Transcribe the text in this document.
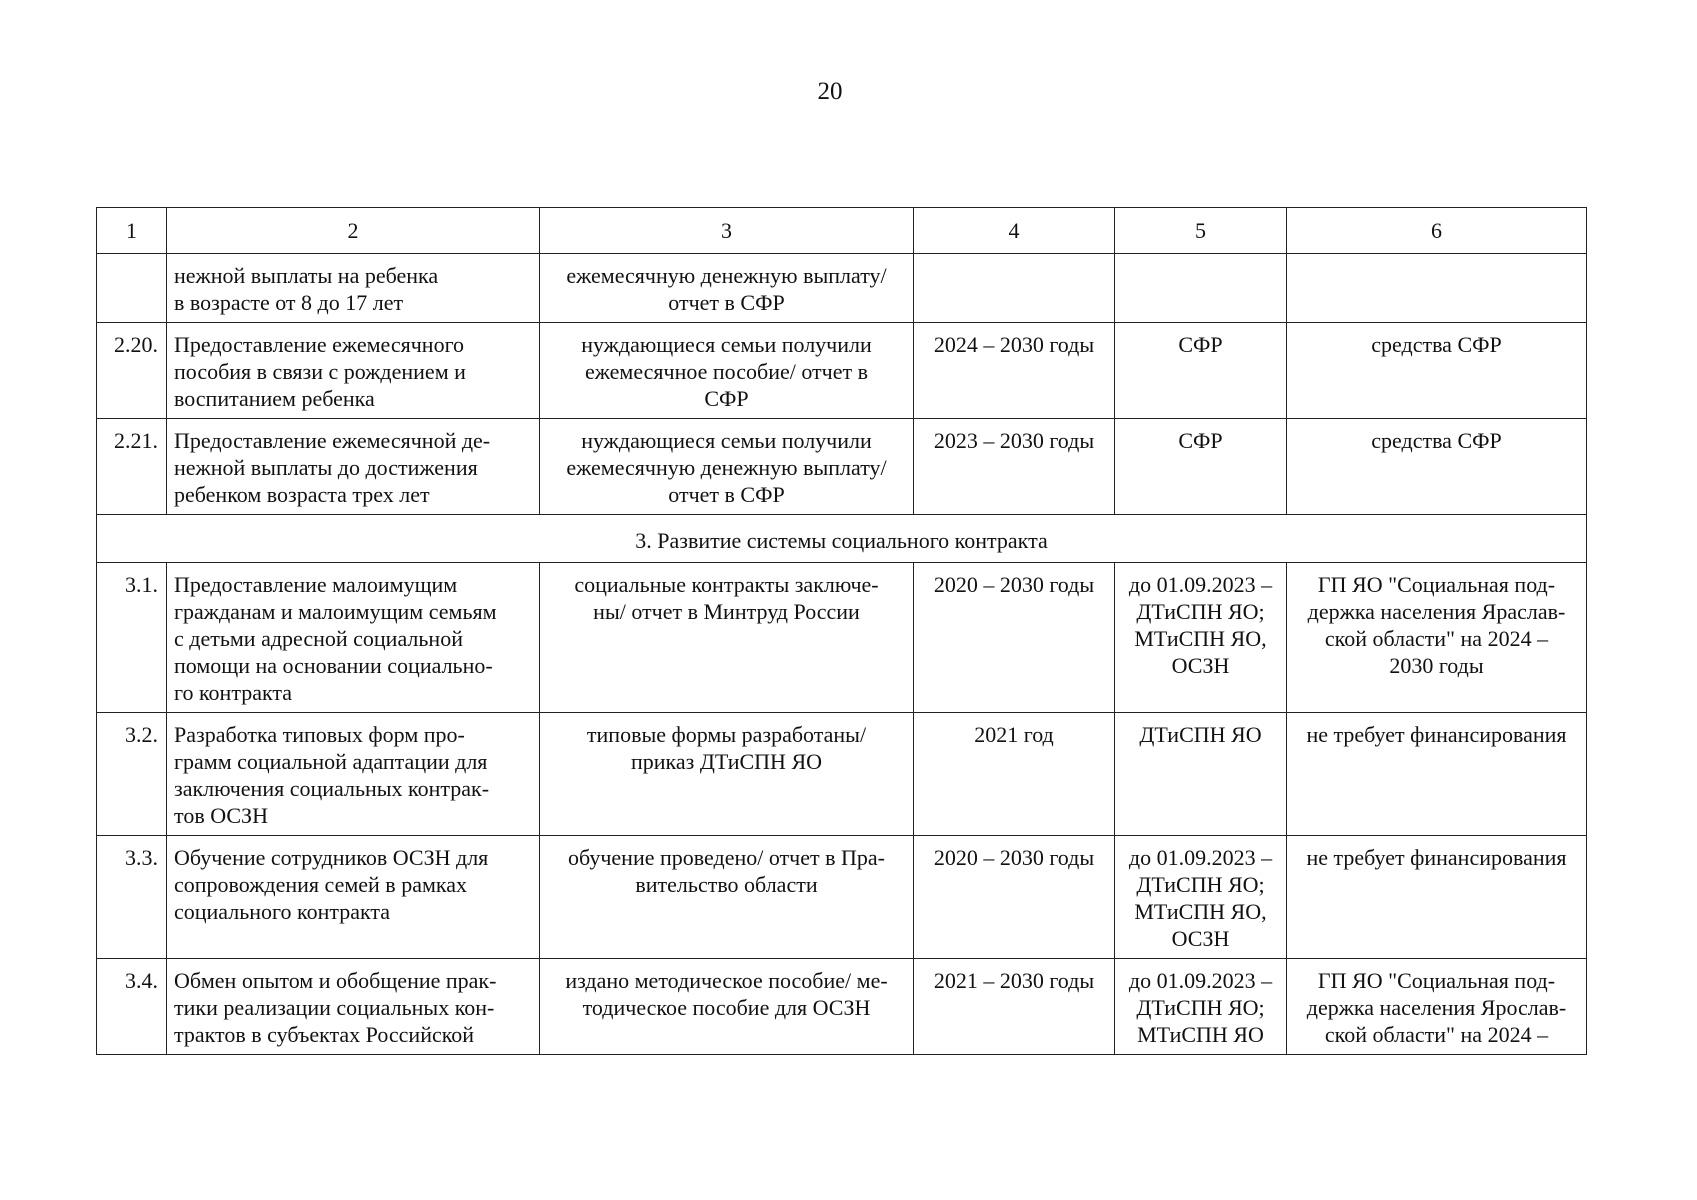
20
1	2	3	4	5	6
	нежной выплаты на ребенка
в возрасте от 8 до 17 лет	ежемесячную денежную выплату/
отчет в СФР			
2.20.	Предоставление ежемесячного
пособия в связи с рождением и
воспитанием ребенка	нуждающиеся семьи получили
ежемесячное пособие/ отчет в
СФР	2024 – 2030 годы	СФР	средства СФР
2.21.	Предоставление ежемесячной де-
нежной выплаты до достижения
ребенком возраста трех лет	нуждающиеся семьи получили
ежемесячную денежную выплату/
отчет в СФР	2023 – 2030 годы	СФР	средства СФР
3. Развитие системы социального контракта					
3.1.	Предоставление малоимущим
гражданам и малоимущим семьям
с детьми адресной социальной
помощи на основании социально-
го контракта	социальные контракты заключе-
ны/ отчет в Минтруд России	2020 – 2030 годы	до 01.09.2023 –
ДТиСПН ЯО;
МТиСПН ЯО,
ОСЗН	ГП ЯО "Социальная под-
держка населения Яраслав-
ской области" на 2024 –
2030 годы
3.2.	Разработка типовых форм про-
грамм социальной адаптации для
заключения социальных контрак-
тов ОСЗН	типовые формы разработаны/
приказ ДТиСПН ЯО	2021 год	ДТиСПН ЯО	не требует финансирования
3.3.	Обучение сотрудников ОСЗН для
сопровождения семей в рамках
социального контракта	обучение проведено/ отчет в Пра-
вительство области	2020 – 2030 годы	до 01.09.2023 –
ДТиСПН ЯО;
МТиСПН ЯО,
ОСЗН	не требует финансирования
3.4.	Обмен опытом и обобщение прак-
тики реализации социальных кон-
трактов в субъектах Российской	издано методическое пособие/ ме-
тодическое пособие для ОСЗН	2021 – 2030 годы	до 01.09.2023 –
ДТиСПН ЯО;
МТиСПН ЯО	ГП ЯО "Социальная под-
держка населения Ярослав-
ской области" на 2024 –
